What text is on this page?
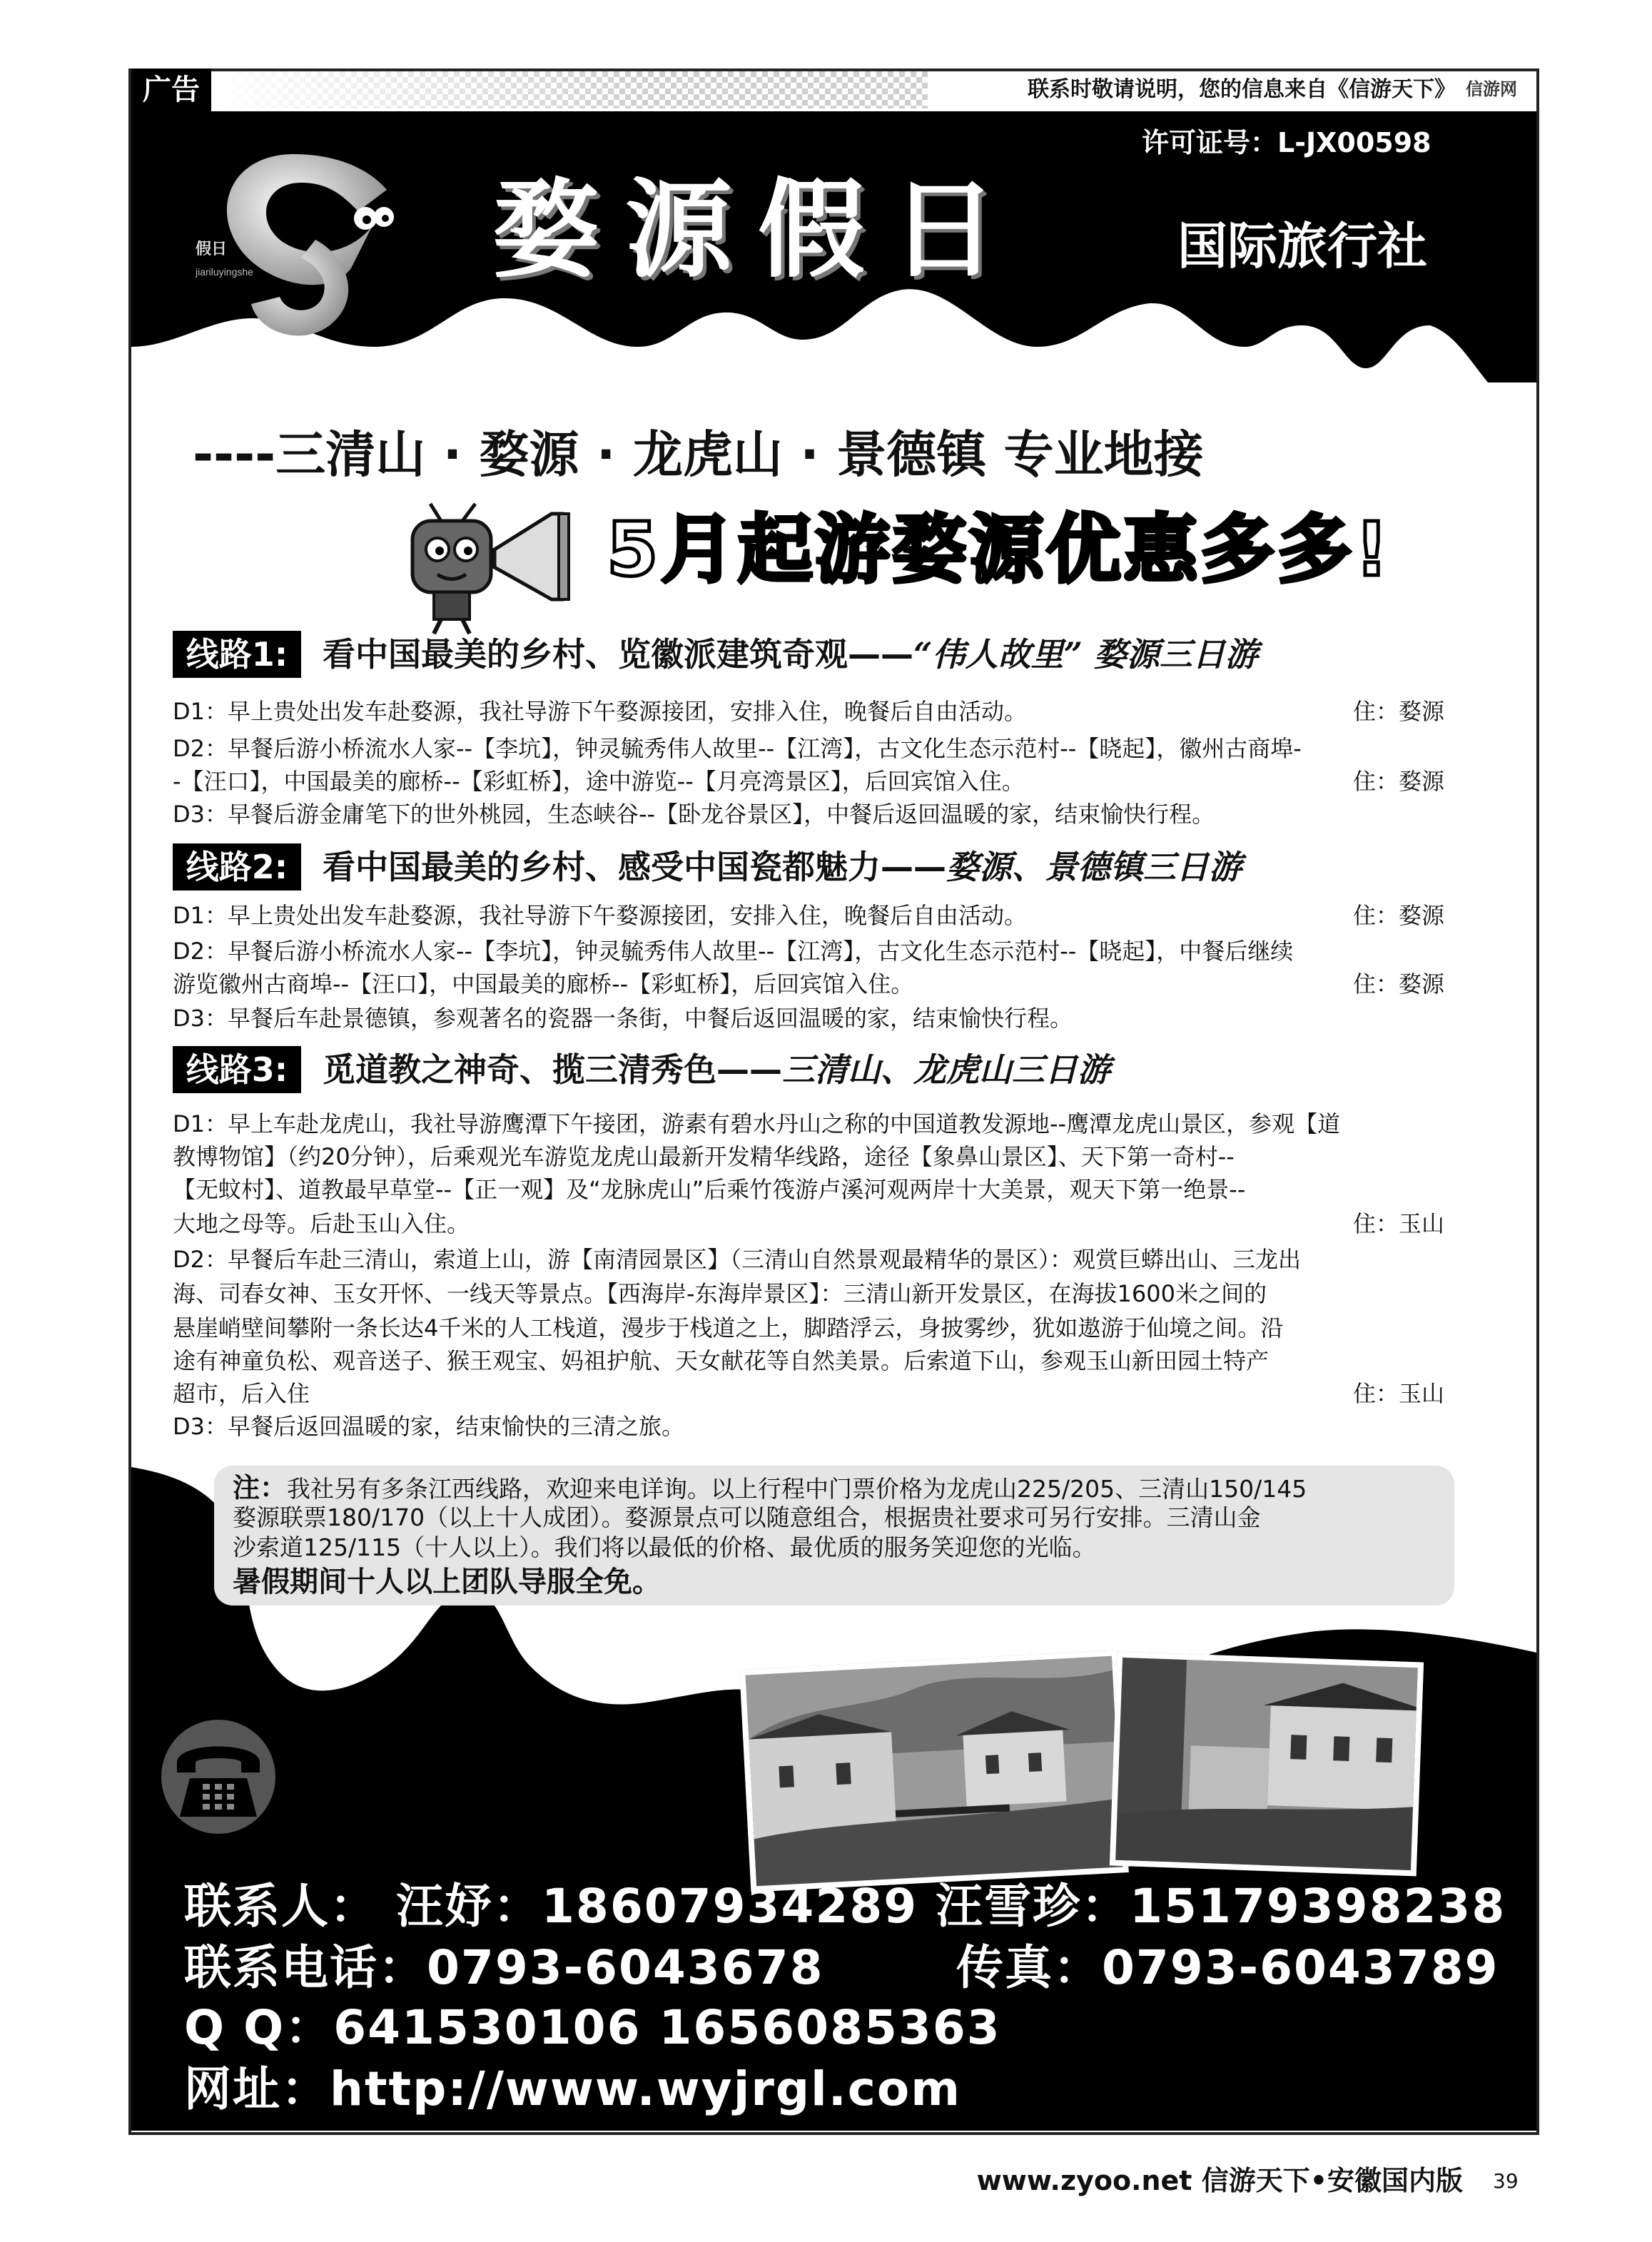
广告	联系时敬请说明，您的信息来自《信游天下》 信游网
许可证号：L-JX00598
假日
jiariluyingshe 婺源假日	国际旅行社
----三清山 · 婺源 · 龙虎山 · 景德镇 专业地接
5月起游婺源优惠多多!
线路1:	看中国最美的乡村、览徽派建筑奇观——“伟人故里” 婺源三日游
D1：早上贵处出发车赴婺源，我社导游下午婺源接团，安排入住，晚餐后自由活动。	住：婺源
D2：早餐后游小桥流水人家--【李坑】，钟灵毓秀伟人故里--【江湾】，古文化生态示范村--【晓起】，徽州古商埠-
-【汪口】，中国最美的廊桥--【彩虹桥】，途中游览--【月亮湾景区】，后回宾馆入住。	住：婺源
D3：早餐后游金庸笔下的世外桃园，生态峡谷--【卧龙谷景区】，中餐后返回温暖的家，结束愉快行程。
线路2:	看中国最美的乡村、感受中国瓷都魅力——婺源、景德镇三日游
D1：早上贵处出发车赴婺源，我社导游下午婺源接团，安排入住，晚餐后自由活动。	住：婺源
D2：早餐后游小桥流水人家--【李坑】，钟灵毓秀伟人故里--【江湾】，古文化生态示范村--【晓起】，中餐后继续
游览徽州古商埠--【汪口】，中国最美的廊桥--【彩虹桥】，后回宾馆入住。	住：婺源
D3：早餐后车赴景德镇，参观著名的瓷器一条街，中餐后返回温暖的家，结束愉快行程。
线路3:	觅道教之神奇、揽三清秀色——三清山、龙虎山三日游
D1：早上车赴龙虎山，我社导游鹰潭下午接团，游素有碧水丹山之称的中国道教发源地--鹰潭龙虎山景区，参观【道
教博物馆】（约20分钟），后乘观光车游览龙虎山最新开发精华线路，途径【象鼻山景区】、天下第一奇村--
【无蚊村】、道教最早草堂--【正一观】及“龙脉虎山”后乘竹筏游卢溪河观两岸十大美景，观天下第一绝景--
大地之母等。后赴玉山入住。	住：玉山
D2：早餐后车赴三清山，索道上山，游【南清园景区】（三清山自然景观最精华的景区）：观赏巨蟒出山、三龙出
海、司春女神、玉女开怀、一线天等景点。【西海岸-东海岸景区】：三清山新开发景区，在海拔1600米之间的
悬崖峭壁间攀附一条长达4千米的人工栈道，漫步于栈道之上，脚踏浮云，身披雾纱，犹如遨游于仙境之间。沿
途有神童负松、观音送子、猴王观宝、妈祖护航、天女献花等自然美景。后索道下山，参观玉山新田园土特产
超市，后入住	住：玉山
D3：早餐后返回温暖的家，结束愉快的三清之旅。
注：我社另有多条江西线路，欢迎来电详询。以上行程中门票价格为龙虎山225/205、三清山150/145
婺源联票180/170（以上十人成团）。婺源景点可以随意组合，根据贵社要求可另行安排。三清山金
沙索道125/115（十人以上）。我们将以最低的价格、最优质的服务笑迎您的光临。
暑假期间十人以上团队导服全免。
联系人： 汪妤：18607934289 汪雪珍：15179398238
联系电话：0793-6043678	传真：0793-6043789
Q Q：641530106 1656085363
网址：http://www.wyjrgl.com
www.zyoo.net 信游天下•安徽国内版 39
